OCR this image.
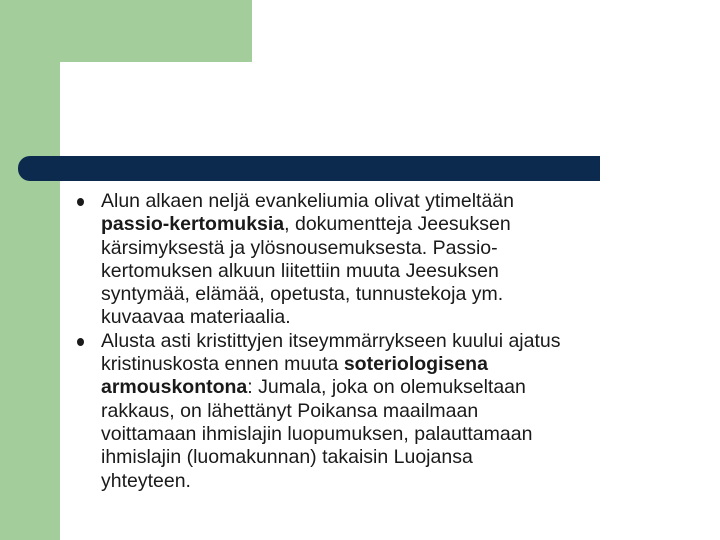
Alun alkaen neljä evankeliumia olivat ytimeltään
passio-kertomuksia, dokumentteja Jeesuksen
kärsimyksestä ja ylösnousemuksesta. Passio-
kertomuksen alkuun liitettiin muuta Jeesuksen
syntymää, elämää, opetusta, tunnustekoja ym.
kuvaavaa materiaalia.
Alusta asti kristittyjen itseymmärrykseen kuului ajatus
kristinuskosta ennen muuta soteriologisena
armouskontona: Jumala, joka on olemukseltaan
rakkaus, on lähettänyt Poikansa maailmaan
voittamaan ihmislajin luopumuksen, palauttamaan
ihmislajin (luomakunnan) takaisin Luojansa
yhteyteen.
